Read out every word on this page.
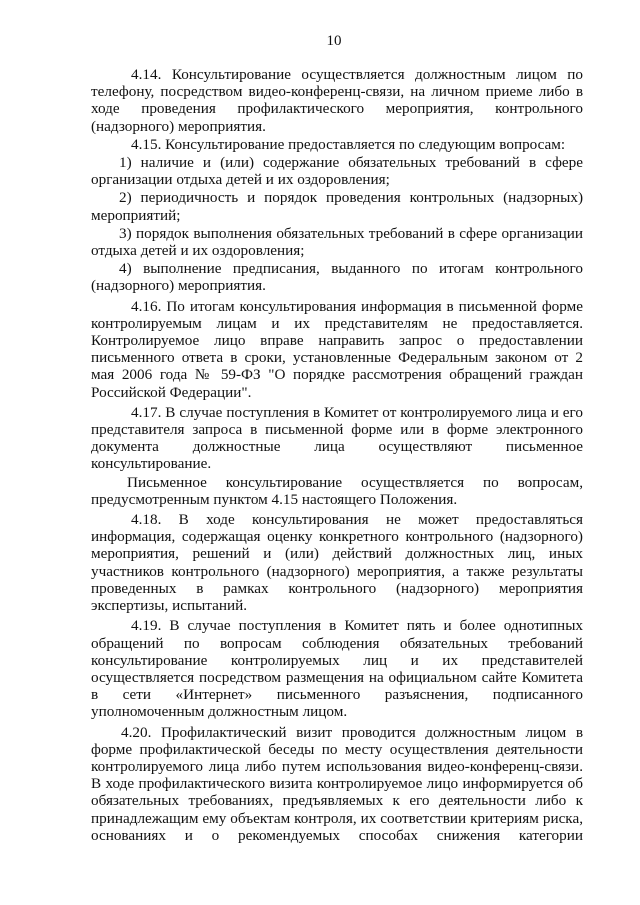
10

4.14. Консультирование осуществляется должностным лицом по телефону, посредством видео-конференц-связи, на личном приеме либо в ходе проведения профилактического мероприятия, контрольного (надзорного) мероприятия.

4.15. Консультирование предоставляется по следующим вопросам:

1) наличие и (или) содержание обязательных требований в сфере организации отдыха детей и их оздоровления;

2) периодичность и порядок проведения контрольных (надзорных) мероприятий;

3) порядок выполнения обязательных требований в сфере организации отдыха детей и их оздоровления;

4) выполнение предписания, выданного по итогам контрольного (надзорного) мероприятия.

4.16. По итогам консультирования информация в письменной форме контролируемым лицам и их представителям не предоставляется. Контролируемое лицо вправе направить запрос о предоставлении письменного ответа в сроки, установленные Федеральным законом от 2 мая 2006 года № 59-ФЗ "О порядке рассмотрения обращений граждан Российской Федерации".

4.17. В случае поступления в Комитет от контролируемого лица и его представителя запроса в письменной форме или в форме электронного документа должностные лица осуществляют письменное консультирование.

Письменное консультирование осуществляется по вопросам, предусмотренным пунктом 4.15 настоящего Положения.

4.18. В ходе консультирования не может предоставляться информация, содержащая оценку конкретного контрольного (надзорного) мероприятия, решений и (или) действий должностных лиц, иных участников контрольного (надзорного) мероприятия, а также результаты проведенных в рамках контрольного (надзорного) мероприятия экспертизы, испытаний.

4.19. В случае поступления в Комитет пять и более однотипных обращений по вопросам соблюдения обязательных требований консультирование контролируемых лиц и их представителей осуществляется посредством размещения на официальном сайте Комитета в сети «Интернет» письменного разъяснения, подписанного уполномоченным должностным лицом.

4.20. Профилактический визит проводится должностным лицом в форме профилактической беседы по месту осуществления деятельности контролируемого лица либо путем использования видео-конференц-связи. В ходе профилактического визита контролируемое лицо информируется об обязательных требованиях, предъявляемых к его деятельности либо к принадлежащим ему объектам контроля, их соответствии критериям риска, основаниях и о рекомендуемых способах снижения категории
